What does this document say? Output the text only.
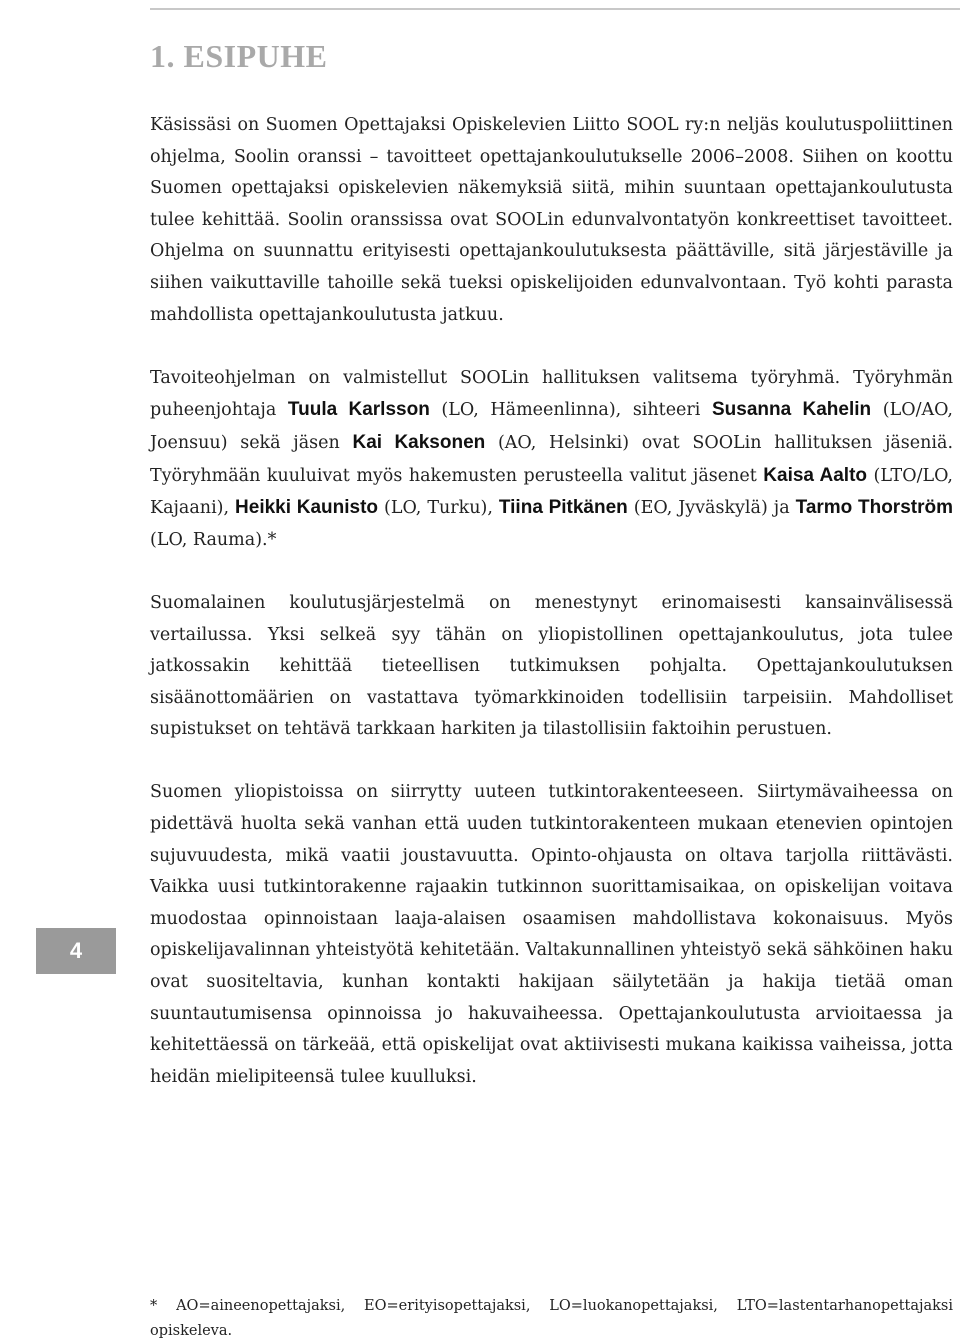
1. ESIPUHE

Käsissäsi on Suomen Opettajaksi Opiskelevien Liitto SOOL ry:n neljäs koulutuspoliittinen ohjelma, Soolin oranssi – tavoitteet opettajankoulutukselle 2006–2008. Siihen on koottu Suomen opettajaksi opiskelevien näkemyksiä siitä, mihin suuntaan opettajankoulutusta tulee kehittää. Soolin oranssissa ovat SOOLin edunvalvontatyön konkreettiset tavoitteet. Ohjelma on suunnattu erityisesti opettajankoulutuksesta päättäville, sitä järjestäville ja siihen vaikuttaville tahoille sekä tueksi opiskelijoiden edunvalvontaan. Työ kohti parasta mahdollista opettajankoulutusta jatkuu.

Tavoiteohjelman on valmistellut SOOLin hallituksen valitsema työryhmä. Työryhmän puheenjohtaja Tuula Karlsson (LO, Hämeenlinna), sihteeri Susanna Kahelin (LO/AO, Joensuu) sekä jäsen Kai Kaksonen (AO, Helsinki) ovat SOOLin hallituksen jäseniä. Työryhmään kuuluivat myös hakemusten perusteella valitut jäsenet Kaisa Aalto (LTO/LO, Kajaani), Heikki Kaunisto (LO, Turku), Tiina Pitkänen (EO, Jyväskylä) ja Tarmo Thorström (LO, Rauma).*

Suomalainen koulutusjärjestelmä on menestynyt erinomaisesti kansainvälisessä vertailussa. Yksi selkeä syy tähän on yliopistollinen opettajankoulutus, jota tulee jatkossakin kehittää tieteellisen tutkimuksen pohjalta. Opettajankoulutuksen sisäänottomäärien on vastattava työmarkkinoiden todellisiin tarpeisiin. Mahdolliset supistukset on tehtävä tarkkaan harkiten ja tilastollisiin faktoihin perustuen.

Suomen yliopistoissa on siirrytty uuteen tutkintorakenteeseen. Siirtymävaiheessa on pidettävä huolta sekä vanhan että uuden tutkintorakenteen mukaan etenevien opintojen sujuvuudesta, mikä vaatii joustavuutta. Opinto-ohjausta on oltava tarjolla riittävästi. Vaikka uusi tutkintorakenne rajaakin tutkinnon suorittamisaikaa, on opiskelijan voitava muodostaa opinnoistaan laaja-alaisen osaamisen mahdollistava kokonaisuus. Myös opiskelijavalinnan yhteistyötä kehitetään. Valtakunnallinen yhteistyö sekä sähköinen haku ovat suositeltavia, kunhan kontakti hakijaan säilytetään ja hakija tietää oman suuntautumisensa opinnoissa jo hakuvaiheessa. Opettajankoulutusta arvioitaessa ja kehitettäessä on tärkeää, että opiskelijat ovat aktiivisesti mukana kaikissa vaiheissa, jotta heidän mielipiteensä tulee kuulluksi.

4
* AO=aineenopettajaksi, EO=erityisopettajaksi, LO=luokanopettajaksi, LTO=lastentarhanopettajaksi opiskeleva.
